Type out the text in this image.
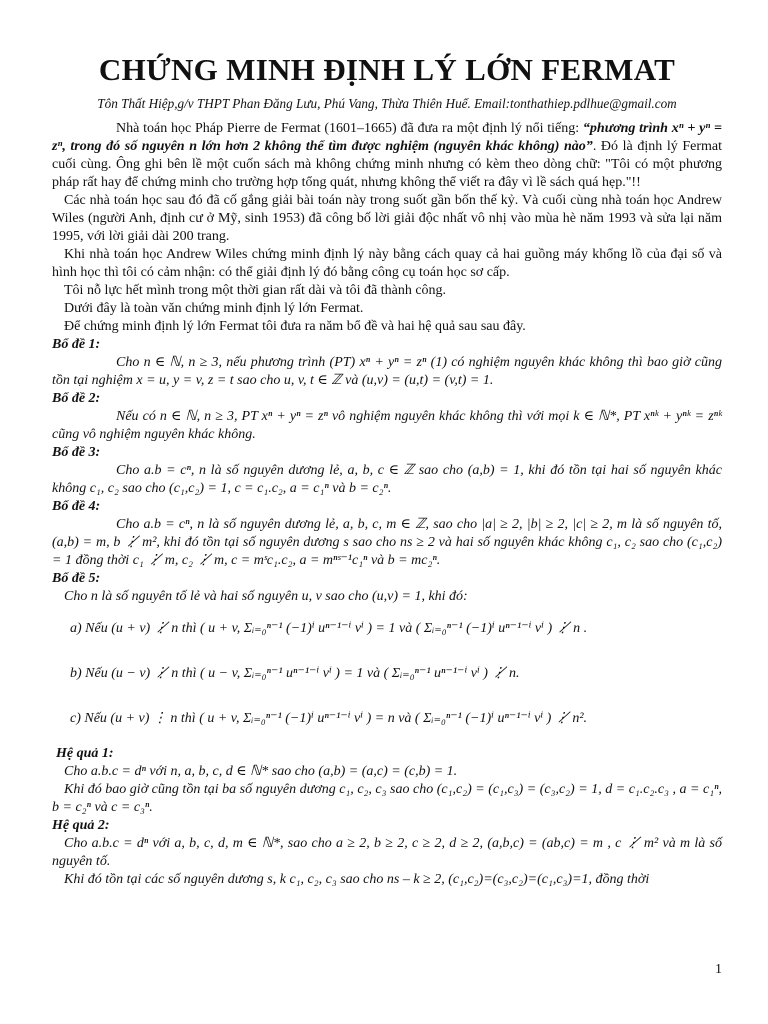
CHỨNG MINH ĐỊNH LÝ LỚN FERMAT
Tôn Thất Hiệp,g/v THPT Phan Đăng Lưu, Phú Vang, Thừa Thiên Huế. Email:tonthathiep.pdlhue@gmail.com

Nhà toán học Pháp Pierre de Fermat (1601–1665) đã đưa ra một định lý nổi tiếng: “phương trình xⁿ + yⁿ = zⁿ, trong đó số nguyên n lớn hơn 2 không thể tìm được nghiệm (nguyên khác không) nào”. Đó là định lý Fermat cuối cùng. Ông ghi bên lề một cuốn sách mà không chứng minh nhưng có kèm theo dòng chữ: "Tôi có một phương pháp rất hay để chứng minh cho trường hợp tổng quát, nhưng không thể viết ra đây vì lề sách quá hẹp."!!

Các nhà toán học sau đó đã cố gắng giải bài toán này trong suốt gần bốn thế kỷ. Và cuối cùng nhà toán học Andrew Wiles (người Anh, định cư ở Mỹ, sinh 1953) đã công bố lời giải độc nhất vô nhị vào mùa hè năm 1993 và sửa lại năm 1995, với lời giải dài 200 trang.

Khi nhà toán học Andrew Wiles chứng minh định lý này bằng cách quay cả hai guồng máy khổng lồ của đại số và hình học thì tôi có cảm nhận: có thể giải định lý đó bằng công cụ toán học sơ cấp.

Tôi nỗ lực hết mình trong một thời gian rất dài và tôi đã thành công.

Dưới đây là toàn văn chứng minh định lý lớn Fermat.

Để chứng minh định lý lớn Fermat tôi đưa ra năm bổ đề và hai hệ quả sau sau đây.

Bổ đề 1:

Cho n ∈ ℕ, n ≥ 3, nếu phương trình (PT) xⁿ + yⁿ = zⁿ (1) có nghiệm nguyên khác không thì bao giờ cũng tồn tại nghiệm x = u, y = v, z = t sao cho u, v, t ∈ ℤ và (u,v) = (u,t) = (v,t) = 1.

Bổ đề 2:

Nếu có n ∈ ℕ, n ≥ 3, PT xⁿ + yⁿ = zⁿ vô nghiệm nguyên khác không thì với mọi k ∈ ℕ*, PT xⁿᵏ + yⁿᵏ = zⁿᵏ cũng vô nghiệm nguyên khác không.

Bổ đề 3:

Cho a.b = cⁿ, n là số nguyên dương lẻ, a, b, c ∈ ℤ sao cho (a,b) = 1, khi đó tồn tại hai số nguyên khác không c₁, c₂ sao cho (c₁,c₂) = 1, c = c₁.c₂, a = c₁ⁿ và b = c₂ⁿ.

Bổ đề 4:

Cho a.b = cⁿ, n là số nguyên dương lẻ, a, b, c, m ∈ ℤ, sao cho |a| ≥ 2, |b| ≥ 2, |c| ≥ 2, m là số nguyên tố, (a,b) = m, b ⋮̸ m², khi đó tồn tại số nguyên dương s sao cho ns ≥ 2 và hai số nguyên khác không c₁, c₂ sao cho (c₁,c₂) = 1 đồng thời c₁ ⋮̸ m, c₂ ⋮̸ m, c = mˢc₁.c₂, a = mⁿˢ⁻¹c₁ⁿ và b = mc₂ⁿ.

Bổ đề 5:

Cho n là số nguyên tố lẻ và hai số nguyên u, v sao cho (u,v) = 1, khi đó:

a) Nếu (u + v) ⋮̸ n thì ( u + v, Σᵢ₌₀ⁿ⁻¹ (−1)ⁱ uⁿ⁻¹⁻ⁱ vⁱ ) = 1 và ( Σᵢ₌₀ⁿ⁻¹ (−1)ⁱ uⁿ⁻¹⁻ⁱ vⁱ ) ⋮̸ n .
b) Nếu (u − v) ⋮̸ n thì ( u − v, Σᵢ₌₀ⁿ⁻¹ uⁿ⁻¹⁻ⁱ vⁱ ) = 1 và ( Σᵢ₌₀ⁿ⁻¹ uⁿ⁻¹⁻ⁱ vⁱ ) ⋮̸ n.
c) Nếu (u + v) ⋮ n thì ( u + v, Σᵢ₌₀ⁿ⁻¹ (−1)ⁱ uⁿ⁻¹⁻ⁱ vⁱ ) = n và ( Σᵢ₌₀ⁿ⁻¹ (−1)ⁱ uⁿ⁻¹⁻ⁱ vⁱ ) ⋮̸ n².
Hệ quả 1:

Cho a.b.c = dⁿ với n, a, b, c, d ∈ ℕ* sao cho (a,b) = (a,c) = (c,b) = 1.

Khi đó bao giờ cũng tồn tại ba số nguyên dương c₁, c₂, c₃ sao cho (c₁,c₂) = (c₁,c₃) = (c₃,c₂) = 1, d = c₁.c₂.c₃ , a = c₁ⁿ, b = c₂ⁿ và c = c₃ⁿ.

Hệ quả 2:

Cho a.b.c = dⁿ với a, b, c, d, m ∈ ℕ*, sao cho a ≥ 2, b ≥ 2, c ≥ 2, d ≥ 2, (a,b,c) = (ab,c) = m , c ⋮̸ m² và m là số nguyên tố.

Khi đó tồn tại các số nguyên dương s, k c₁, c₂, c₃ sao cho ns – k ≥ 2, (c₁,c₂)=(c₃,c₂)=(c₁,c₃)=1, đồng thời

1
